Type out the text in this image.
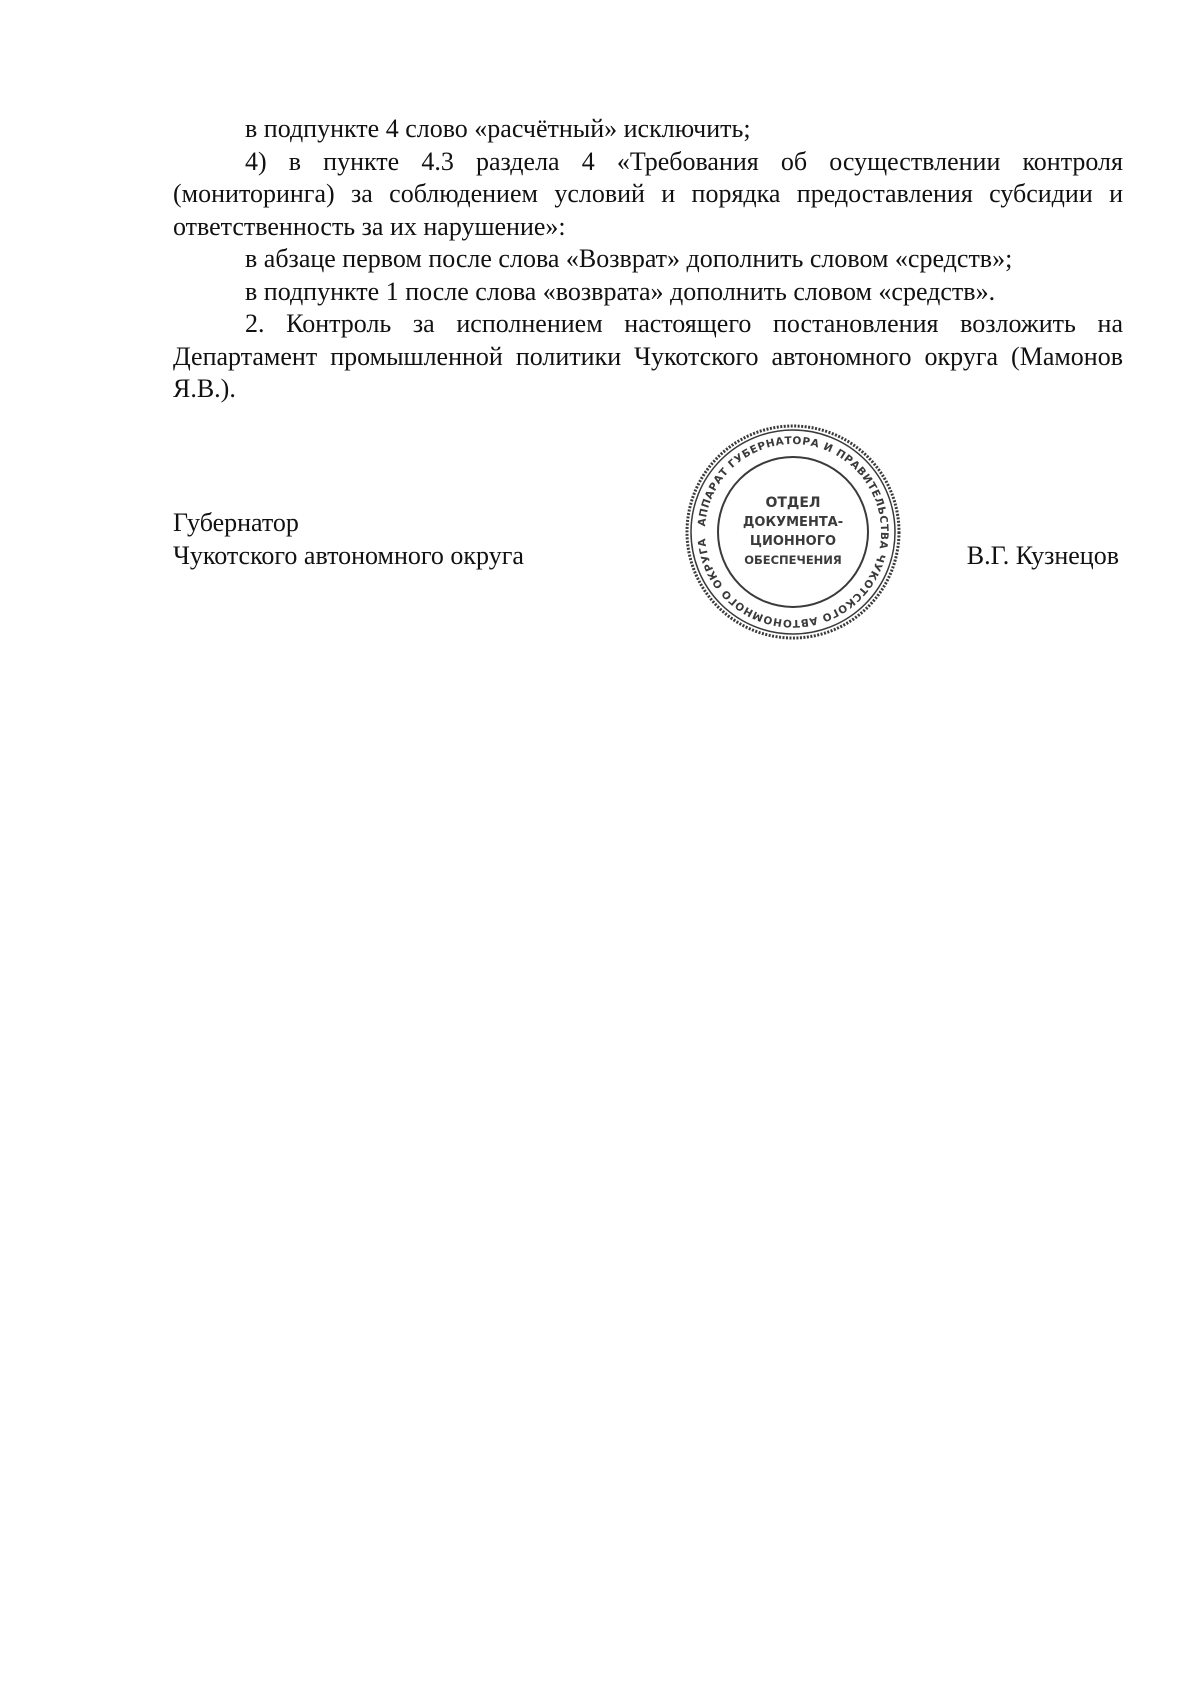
в подпункте 4 слово «расчётный» исключить;

4) в пункте 4.3 раздела 4 «Требования об осуществлении контроля (мониторинга) за соблюдением условий и порядка предоставления субсидии и ответственность за их нарушение»:

в абзаце первом после слова «Возврат» дополнить словом «средств»;

в подпункте 1 после слова «возврата» дополнить словом «средств».

2. Контроль за исполнением настоящего постановления возложить на Департамент промышленной политики Чукотского автономного округа (Мамонов Я.В.).

Губернатор
Чукотского автономного округа	В.Г. Кузнецов
АППАРАТ ГУБЕРНАТОРА И ПРАВИТЕЛЬСТВА ЧУКОТСКОГО АВТОНОМНОГО ОКРУГА
ОТДЕЛ
ДОКУМЕНТА-
ЦИОННОГО
ОБЕСПЕЧЕНИЯ
